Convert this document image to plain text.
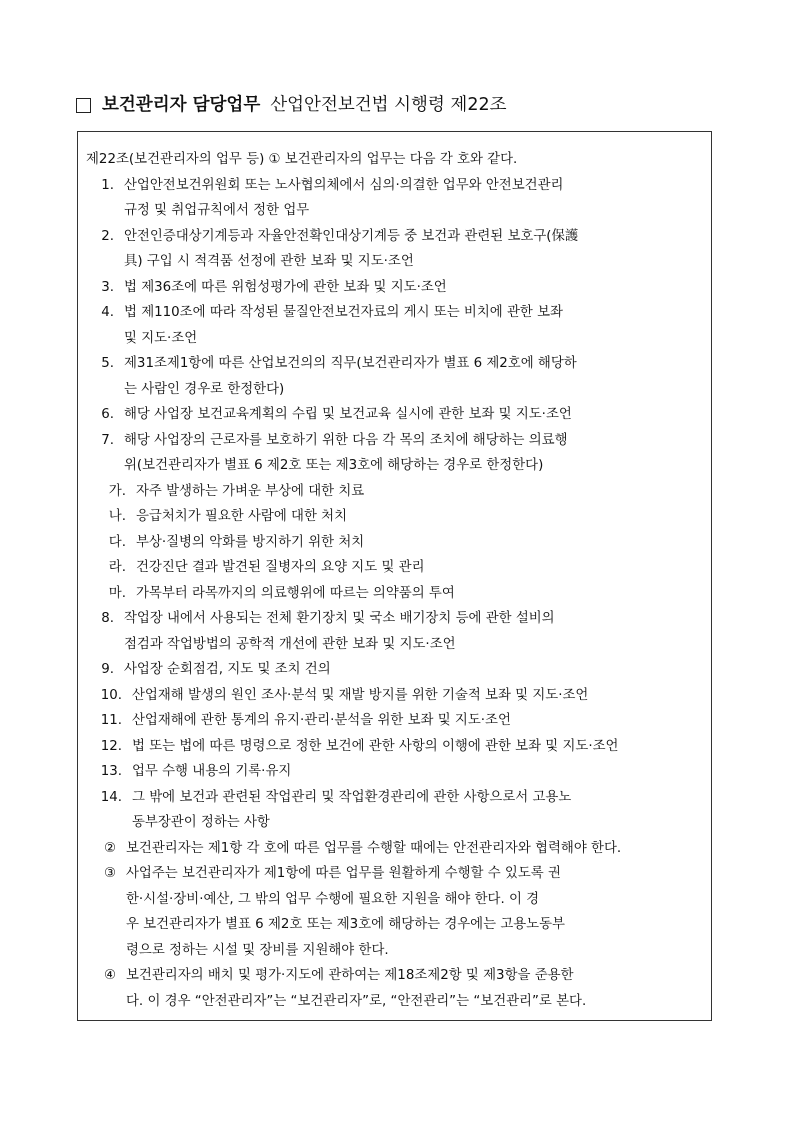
보건관리자 담당업무 산업안전보건법 시행령 제22조
제22조(보건관리자의 업무 등) ① 보건관리자의 업무는 다음 각 호와 같다.
1. 산업안전보건위원회 또는 노사협의체에서 심의·의결한 업무와 안전보건관리
규정 및 취업규칙에서 정한 업무
2. 안전인증대상기계등과 자율안전확인대상기계등 중 보건과 관련된 보호구(保護
具) 구입 시 적격품 선정에 관한 보좌 및 지도·조언
3. 법 제36조에 따른 위험성평가에 관한 보좌 및 지도·조언
4. 법 제110조에 따라 작성된 물질안전보건자료의 게시 또는 비치에 관한 보좌
및 지도·조언
5. 제31조제1항에 따른 산업보건의의 직무(보건관리자가 별표 6 제2호에 해당하
는 사람인 경우로 한정한다)
6. 해당 사업장 보건교육계획의 수립 및 보건교육 실시에 관한 보좌 및 지도·조언
7. 해당 사업장의 근로자를 보호하기 위한 다음 각 목의 조치에 해당하는 의료행
위(보건관리자가 별표 6 제2호 또는 제3호에 해당하는 경우로 한정한다)
가. 자주 발생하는 가벼운 부상에 대한 치료
나. 응급처치가 필요한 사람에 대한 처치
다. 부상·질병의 악화를 방지하기 위한 처치
라. 건강진단 결과 발견된 질병자의 요양 지도 및 관리
마. 가목부터 라목까지의 의료행위에 따르는 의약품의 투여
8. 작업장 내에서 사용되는 전체 환기장치 및 국소 배기장치 등에 관한 설비의
점검과 작업방법의 공학적 개선에 관한 보좌 및 지도·조언
9. 사업장 순회점검, 지도 및 조치 건의
10. 산업재해 발생의 원인 조사·분석 및 재발 방지를 위한 기술적 보좌 및 지도·조언
11. 산업재해에 관한 통계의 유지·관리·분석을 위한 보좌 및 지도·조언
12. 법 또는 법에 따른 명령으로 정한 보건에 관한 사항의 이행에 관한 보좌 및 지도·조언
13. 업무 수행 내용의 기록·유지
14. 그 밖에 보건과 관련된 작업관리 및 작업환경관리에 관한 사항으로서 고용노
동부장관이 정하는 사항
② 보건관리자는 제1항 각 호에 따른 업무를 수행할 때에는 안전관리자와 협력해야 한다.
③ 사업주는 보건관리자가 제1항에 따른 업무를 원활하게 수행할 수 있도록 권
한·시설·장비·예산, 그 밖의 업무 수행에 필요한 지원을 해야 한다. 이 경
우 보건관리자가 별표 6 제2호 또는 제3호에 해당하는 경우에는 고용노동부
령으로 정하는 시설 및 장비를 지원해야 한다.
④ 보건관리자의 배치 및 평가·지도에 관하여는 제18조제2항 및 제3항을 준용한
다. 이 경우 “안전관리자”는 “보건관리자”로, “안전관리”는 “보건관리”로 본다.
